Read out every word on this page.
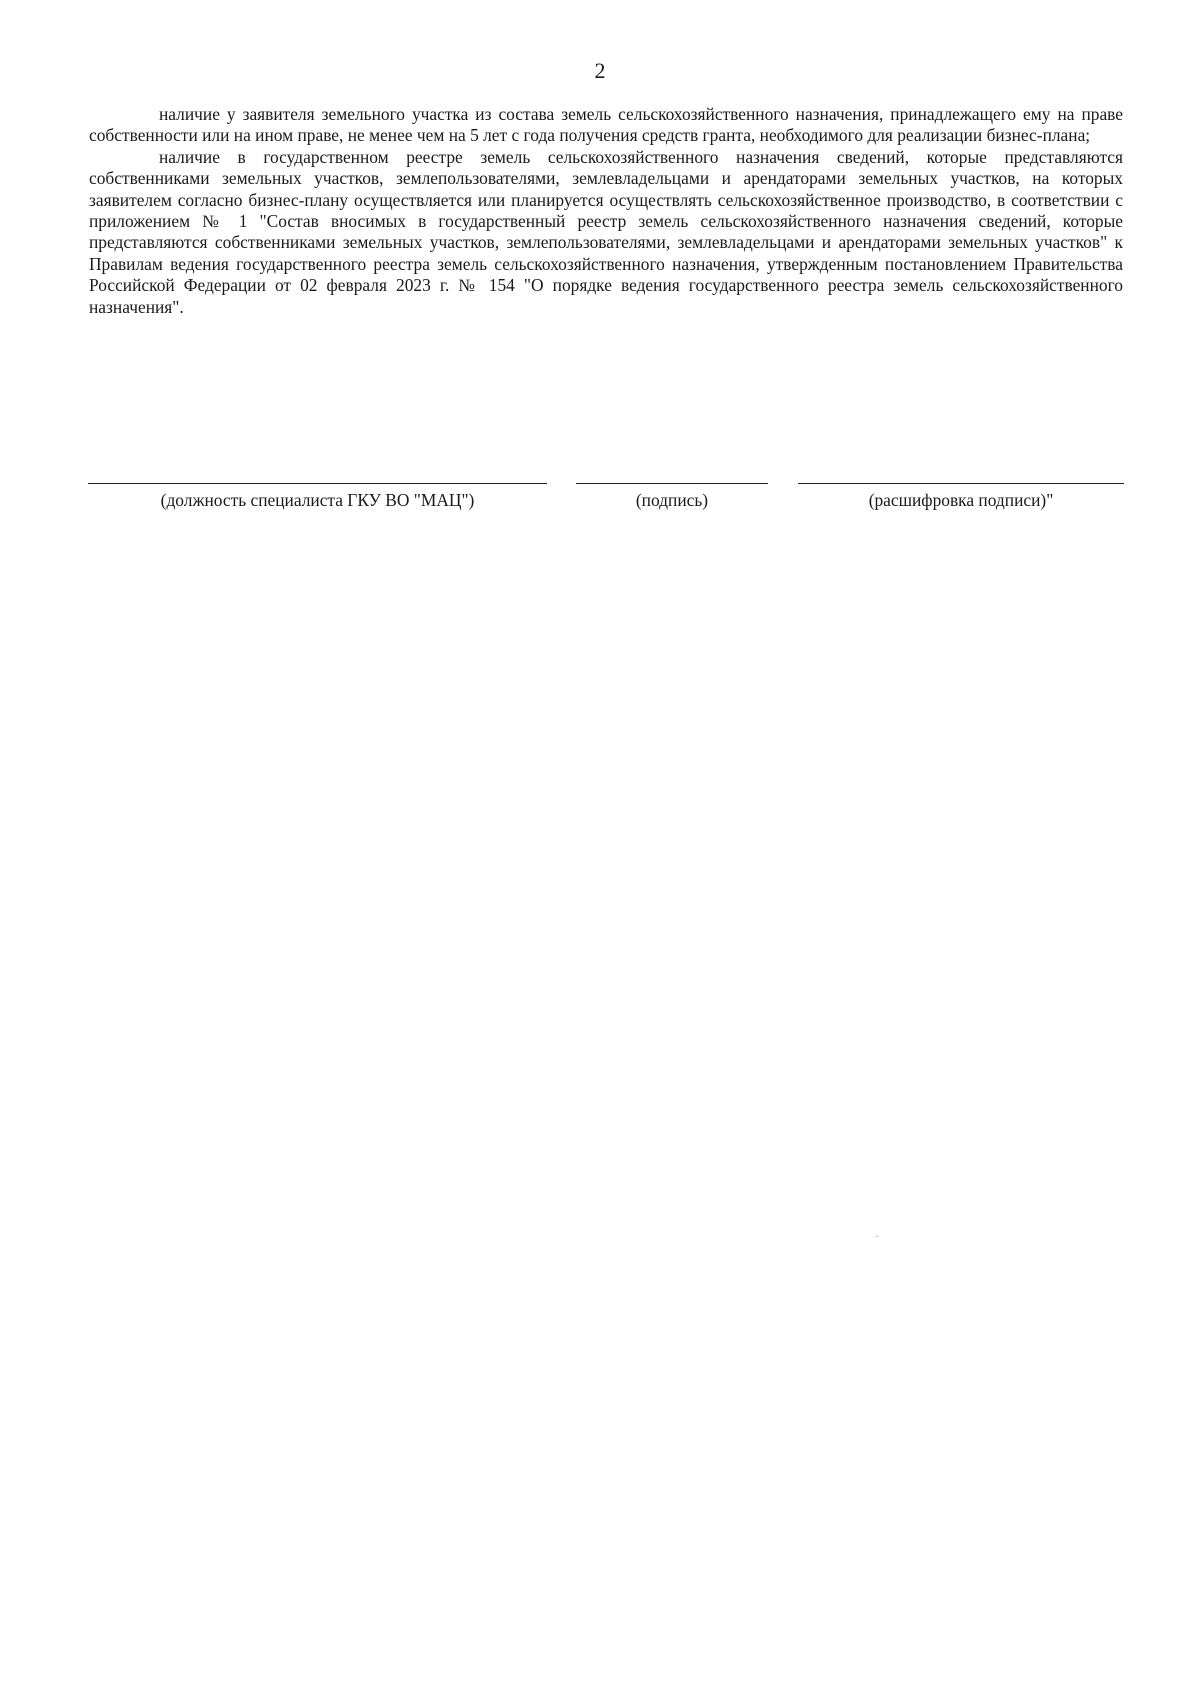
2

наличие у заявителя земельного участка из состава земель сельскохозяйственного назначения, принадлежащего ему на праве собственности или на ином праве, не менее чем на 5 лет с года получения средств гранта, необходимого для реализации бизнес-плана;

наличие в государственном реестре земель сельскохозяйственного назначения сведений, которые представляются собственниками земельных участков, землепользователями, землевладельцами и арендаторами земельных участков, на которых заявителем согласно бизнес-плану осуществляется или планируется осуществлять сельскохозяйственное производство, в соответствии с приложением № 1 "Состав вносимых в государственный реестр земель сельскохозяйственного назначения сведений, которые представляются собственниками земельных участков, землепользователями, землевладельцами и арендаторами земельных участков" к Правилам ведения государственного реестра земель сельскохозяйственного назначения, утвержденным постановлением Правительства Российской Федерации от 02 февраля 2023 г. № 154 "О порядке ведения государственного реестра земель сельскохозяйственного назначения".

(должность специалиста ГКУ ВО "МАЦ")	(подпись)	(расшифровка подписи)"
